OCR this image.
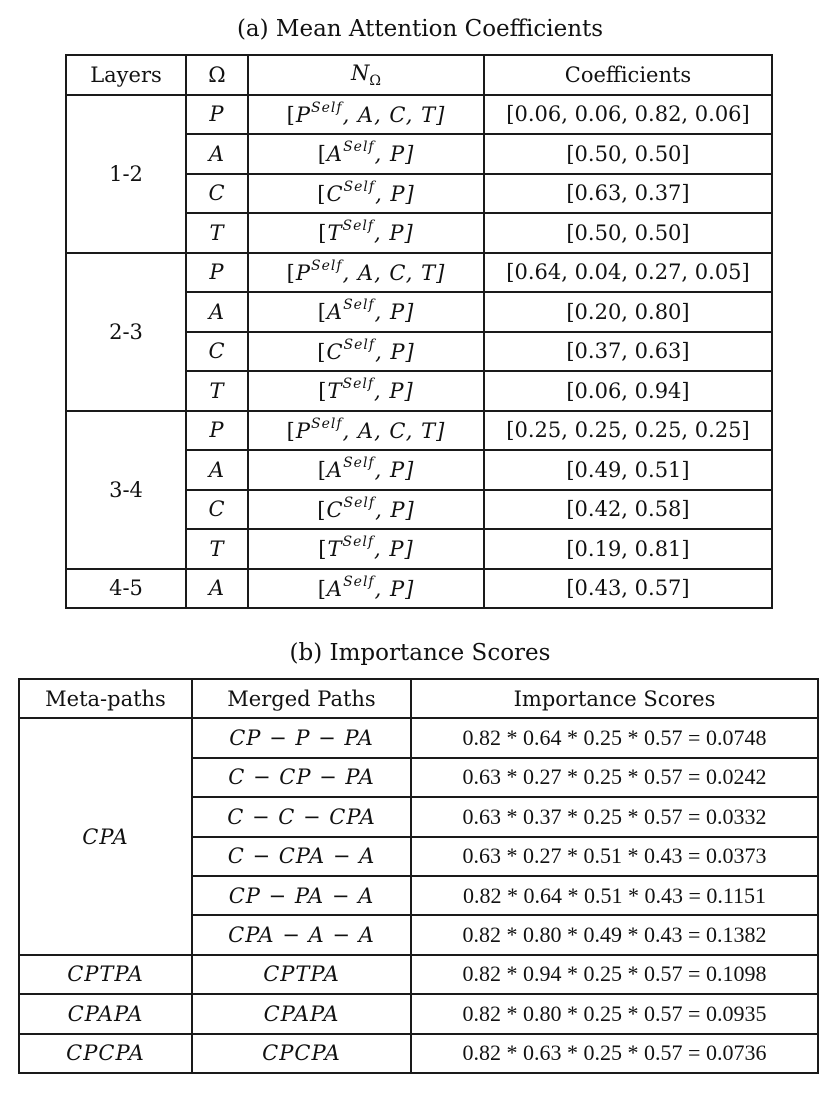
(a) Mean Attention Coefficients
Layers	Ω	$N_\Omega$	Coefficients
1-2	P	[$P^{Self}$, A, C, T]	[0.06, 0.06, 0.82, 0.06]
	A	[$A^{Self}$, P]	[0.50, 0.50]
	C	[$C^{Self}$, P]	[0.63, 0.37]
	T	[$T^{Self}$, P]	[0.50, 0.50]
2-3	P	[$P^{Self}$, A, C, T]	[0.64, 0.04, 0.27, 0.05]
	A	[$A^{Self}$, P]	[0.20, 0.80]
	C	[$C^{Self}$, P]	[0.37, 0.63]
	T	[$T^{Self}$, P]	[0.06, 0.94]
3-4	P	[$P^{Self}$, A, C, T]	[0.25, 0.25, 0.25, 0.25]
	A	[$A^{Self}$, P]	[0.49, 0.51]
	C	[$C^{Self}$, P]	[0.42, 0.58]
	T	[$T^{Self}$, P]	[0.19, 0.81]
4-5	A	[$A^{Self}$, P]	[0.43, 0.57]
(b) Importance Scores
Meta-paths	Merged Paths	Importance Scores
CPA	CP − P − PA	0.82 * 0.64 * 0.25 * 0.57 = 0.0748
	C − CP − PA	0.63 * 0.27 * 0.25 * 0.57 = 0.0242
	C − C − CPA	0.63 * 0.37 * 0.25 * 0.57 = 0.0332
	C − CPA − A	0.63 * 0.27 * 0.51 * 0.43 = 0.0373
	CP − PA − A	0.82 * 0.64 * 0.51 * 0.43 = 0.1151
	CPA − A − A	0.82 * 0.80 * 0.49 * 0.43 = 0.1382
CPTPA	CPTPA	0.82 * 0.94 * 0.25 * 0.57 = 0.1098
CPAPA	CPAPA	0.82 * 0.80 * 0.25 * 0.57 = 0.0935
CPCPA	CPCPA	0.82 * 0.63 * 0.25 * 0.57 = 0.0736
